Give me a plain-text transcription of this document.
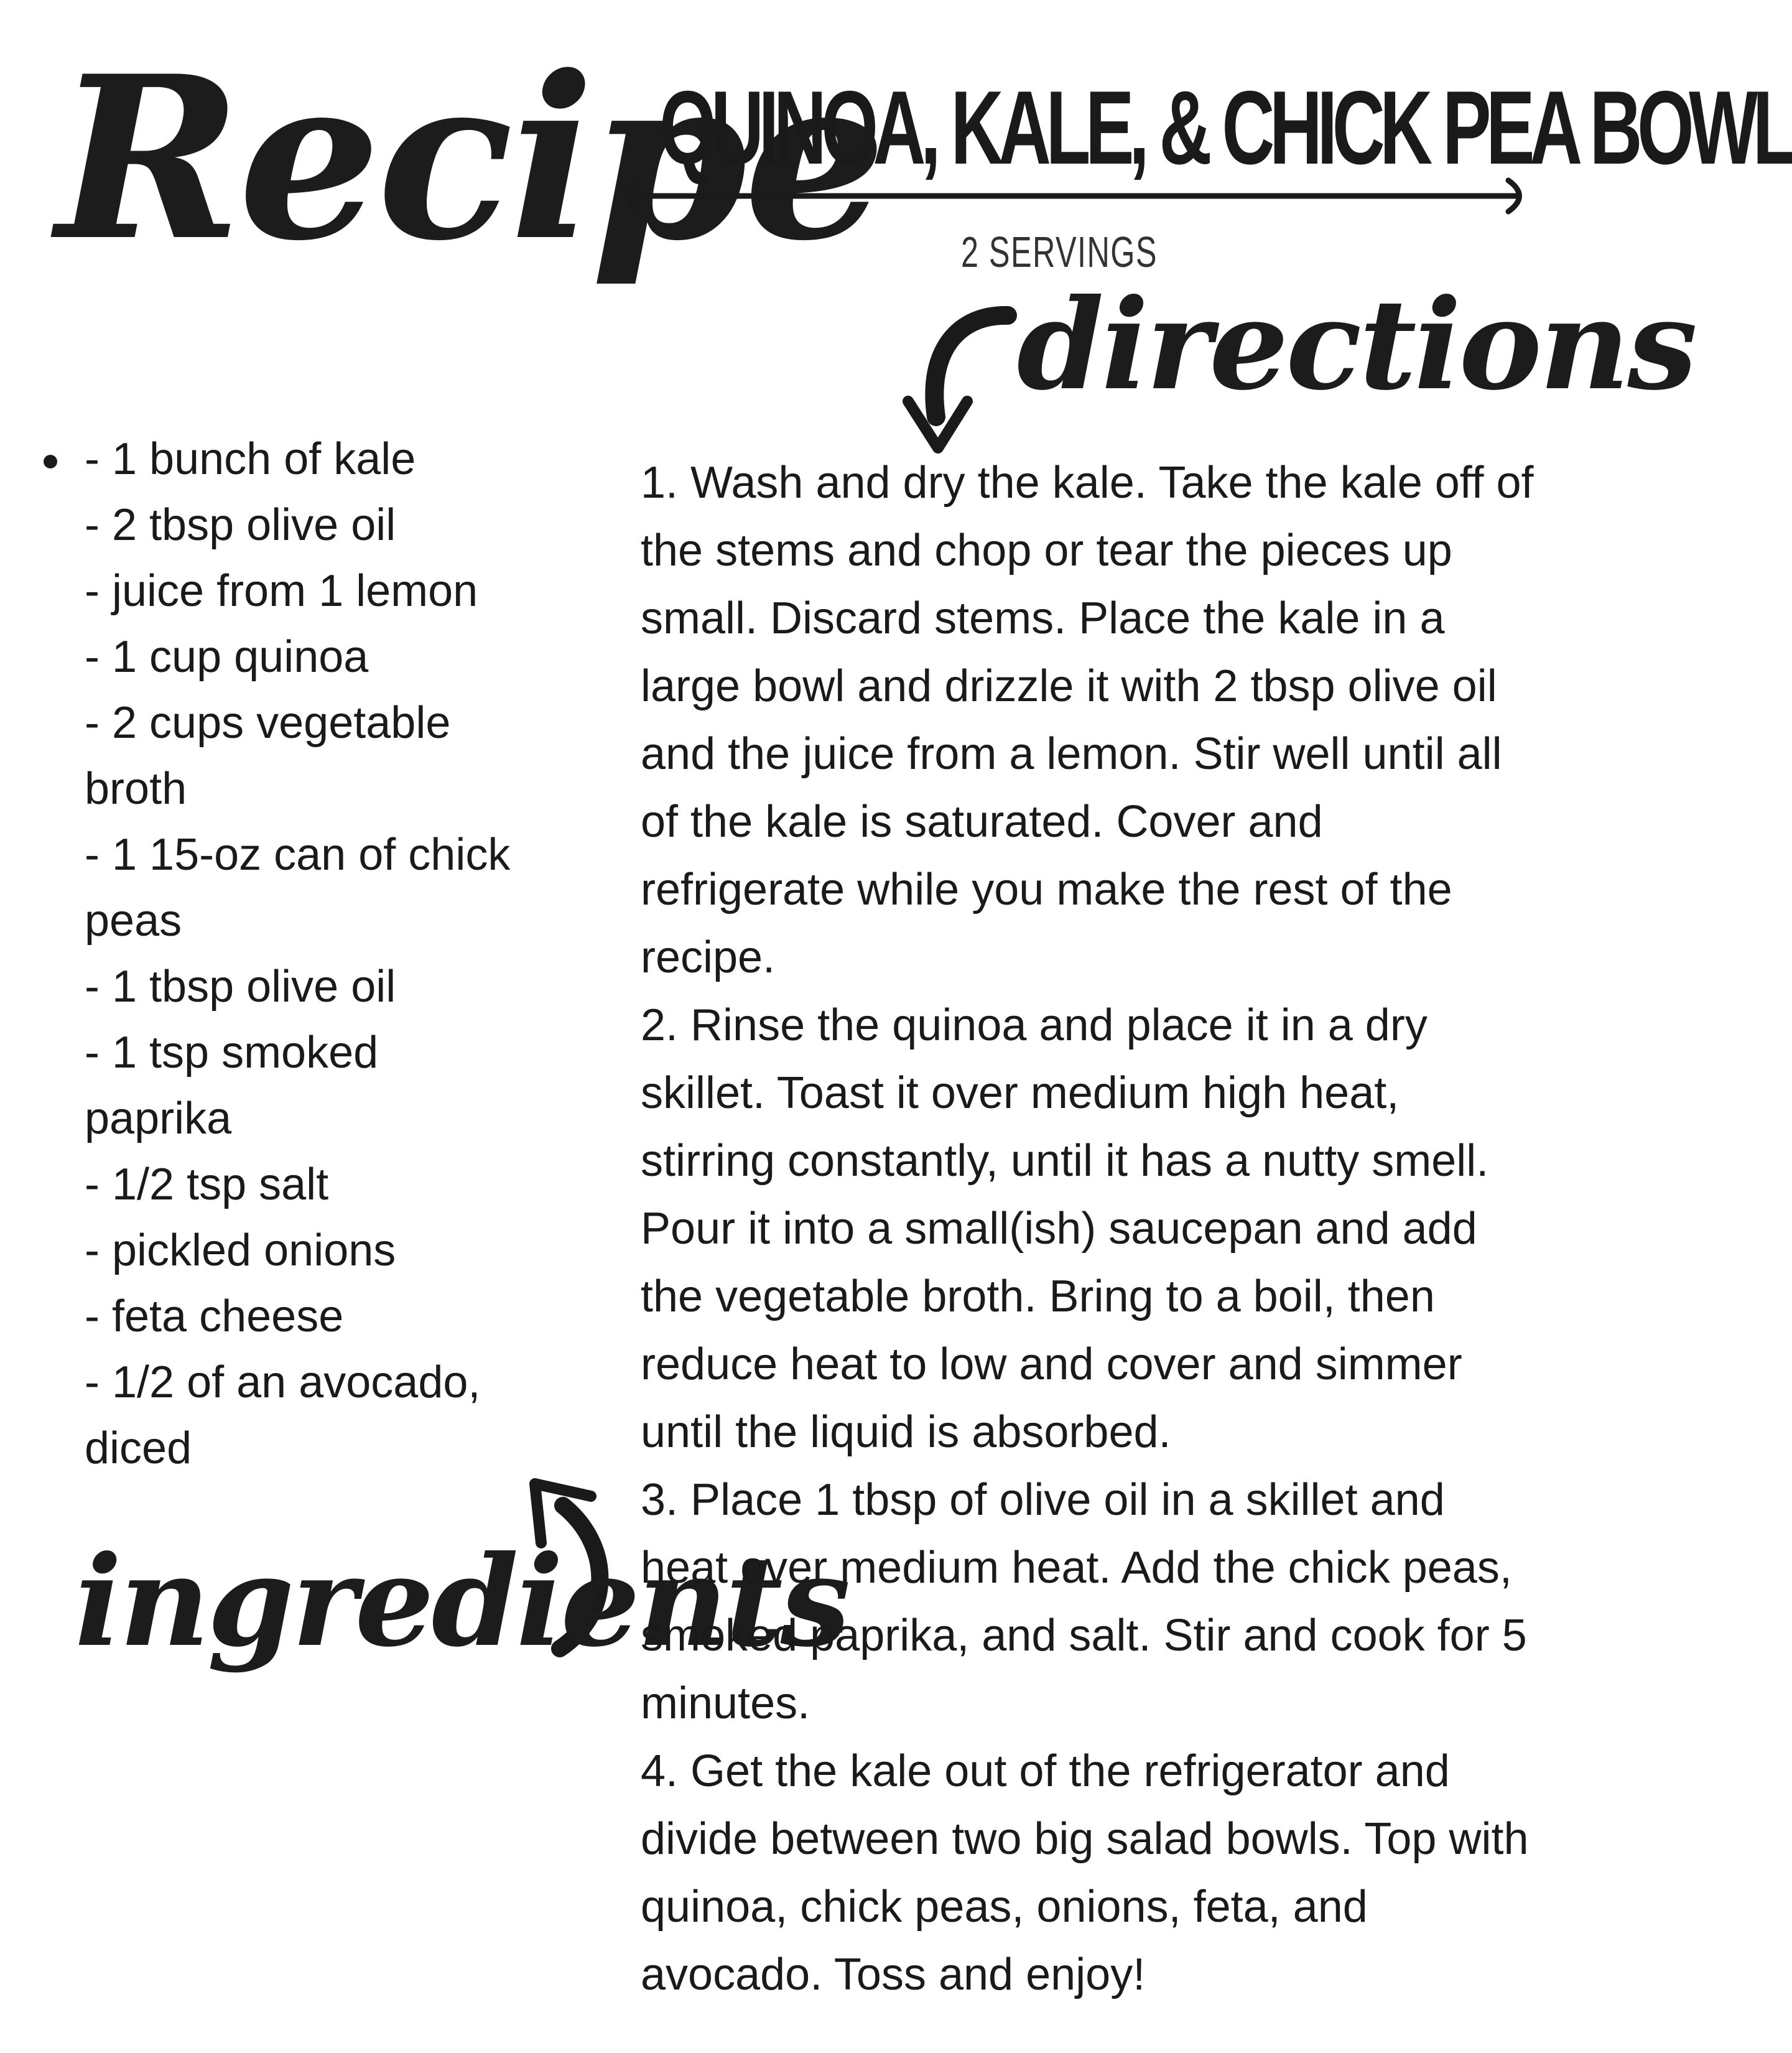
Recipe
QUINOA, KALE, & CHICK PEA BOWL
2 SERVINGS
directions
- 1 bunch of kale
- 2 tbsp olive oil
- juice from 1 lemon
- 1 cup quinoa
- 2 cups vegetable broth
- 1 15-oz can of chick peas
- 1 tbsp olive oil
- 1 tsp smoked paprika
- 1/2 tsp salt
- pickled onions
- feta cheese
- 1/2 of an avocado, diced
ingredients
1. Wash and dry the kale. Take the kale off of the stems and chop or tear the pieces up small. Discard stems. Place the kale in a large bowl and drizzle it with 2 tbsp olive oil and the juice from a lemon. Stir well until all of the kale is saturated. Cover and refrigerate while you make the rest of the recipe.
2. Rinse the quinoa and place it in a dry skillet. Toast it over medium high heat, stirring constantly, until it has a nutty smell. Pour it into a small(ish) saucepan and add the vegetable broth. Bring to a boil, then reduce heat to low and cover and simmer until the liquid is absorbed.
3. Place 1 tbsp of olive oil in a skillet and heat over medium heat. Add the chick peas, smoked paprika, and salt. Stir and cook for 5 minutes.
4. Get the kale out of the refrigerator and divide between two big salad bowls. Top with quinoa, chick peas, onions, feta, and avocado. Toss and enjoy!
